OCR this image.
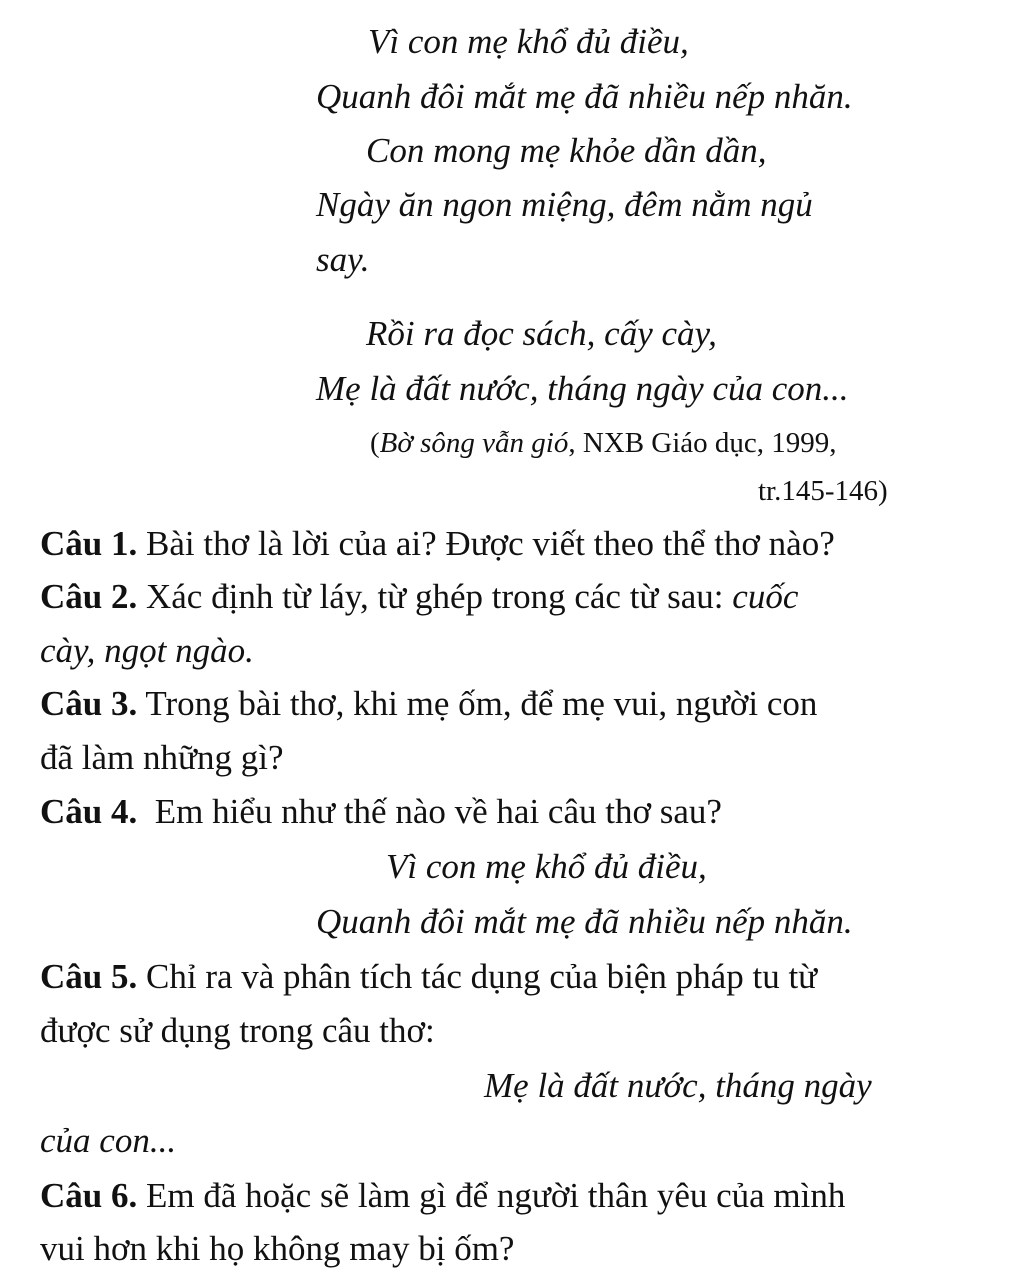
Vì con mẹ khổ đủ điều,
Quanh đôi mắt mẹ đã nhiều nếp nhăn.
Con mong mẹ khỏe dần dần,
Ngày ăn ngon miệng, đêm nằm ngủ
say.
Rồi ra đọc sách, cấy cày,
Mẹ là đất nước, tháng ngày của con...
(Bờ sông vẫn gió, NXB Giáo dục, 1999,
tr.145-146)
Câu 1. Bài thơ là lời của ai? Được viết theo thể thơ nào?
Câu 2. Xác định từ láy, từ ghép trong các từ sau: cuốc
cày, ngọt ngào.
Câu 3. Trong bài thơ, khi mẹ ốm, để mẹ vui, người con
đã làm những gì?
Câu 4.  Em hiểu như thế nào về hai câu thơ sau?
Vì con mẹ khổ đủ điều,
Quanh đôi mắt mẹ đã nhiều nếp nhăn.
Câu 5. Chỉ ra và phân tích tác dụng của biện pháp tu từ
được sử dụng trong câu thơ:
Mẹ là đất nước, tháng ngày
của con...
Câu 6. Em đã hoặc sẽ làm gì để người thân yêu của mình
vui hơn khi họ không may bị ốm?
